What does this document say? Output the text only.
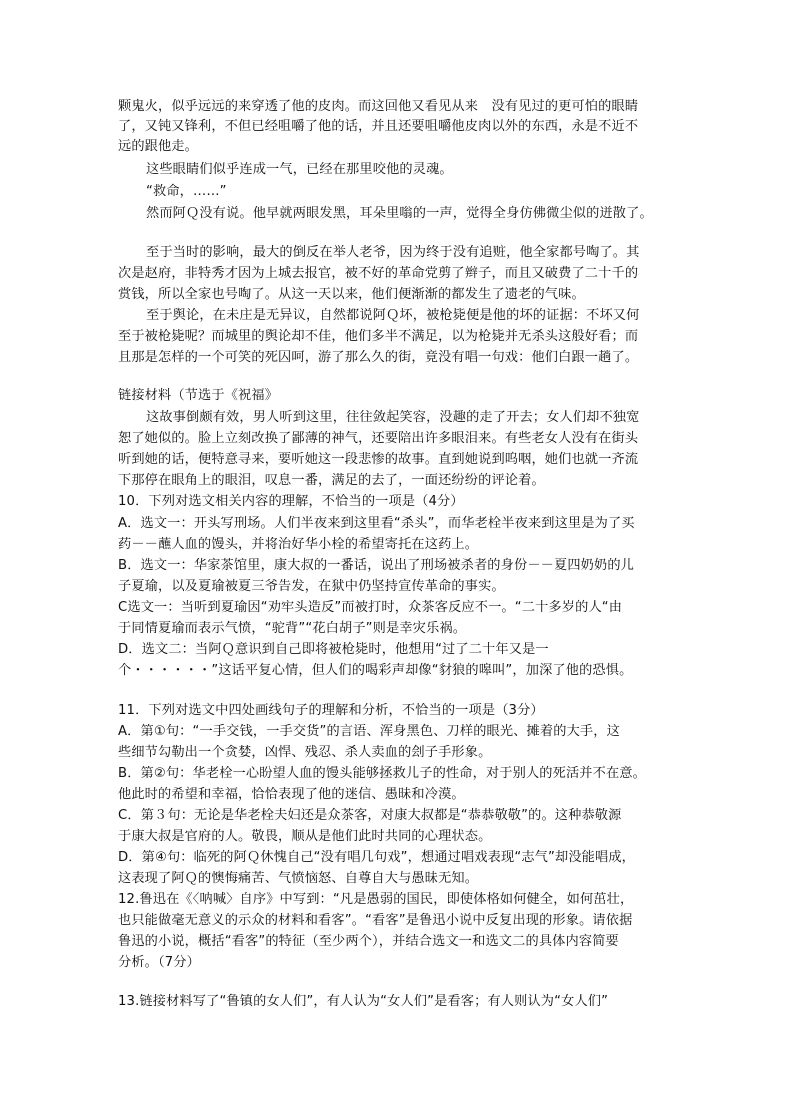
颗鬼火，似乎远远的来穿透了他的皮肉。而这回他又看见从来　没有见过的更可怕的眼睛
了，又钝又锋利，不但已经咀嚼了他的话，并且还要咀嚼他皮肉以外的东西，永是不近不
远的跟他走。
这些眼睛们似乎连成一气，已经在那里咬他的灵魂。
“救命，……”
然而阿Ｑ没有说。他早就两眼发黑，耳朵里嗡的一声，觉得全身仿佛微尘似的迸散了。
至于当时的影响，最大的倒反在举人老爷，因为终于没有追赃，他全家都号啕了。其
次是赵府，非特秀才因为上城去报官，被不好的革命党剪了辫子，而且又破费了二十千的
赏钱，所以全家也号啕了。从这一天以来，他们便渐渐的都发生了遗老的气味。
至于舆论，在未庄是无异议，自然都说阿Ｑ坏，被枪毙便是他的坏的证据：不坏又何
至于被枪毙呢？而城里的舆论却不佳，他们多半不满足，以为枪毙并无杀头这般好看；而
且那是怎样的一个可笑的死囚呵，游了那么久的街，竟没有唱一句戏：他们白跟一趟了。
链接材料（节选于《祝福》
这故事倒颇有效，男人听到这里，往往敛起笑容，没趣的走了开去；女人们却不独宽
恕了她似的。脸上立刻改换了鄙薄的神气，还要陪出许多眼泪来。有些老女人没有在街头
听到她的话，便特意寻来，要听她这一段悲惨的故事。直到她说到呜咽，她们也就一齐流
下那停在眼角上的眼泪，叹息一番，满足的去了，一面还纷纷的评论着。
10．下列对选文相关内容的理解，不恰当的一项是（4分）
A．选文一：开头写刑场。人们半夜来到这里看“杀头”，而华老栓半夜来到这里是为了买
药－－蘸人血的馒头，并将治好华小栓的希望寄托在这药上。
B．选文一：华家茶馆里，康大叔的一番话，说出了刑场被杀者的身份－－夏四奶奶的儿
子夏瑜，以及夏瑜被夏三爷告发，在狱中仍坚持宣传革命的事实。
C选文一：当听到夏瑜因“劝牢头造反”而被打时，众茶客反应不一。“二十多岁的人“由
于同情夏瑜而表示气愤，“驼背”“花白胡子”则是幸灾乐祸。
D．选文二：当阿Ｑ意识到自己即将被枪毙时，他想用“过了二十年又是一
个・・・・・・”这话平复心情，但人们的喝彩声却像“豺狼的嗥叫”，加深了他的恐惧。
11．下列对选文中四处画线句子的理解和分析，不恰当的一项是（3分）
A．第①句：“一手交钱，一手交货”的言语、浑身黑色、刀样的眼光、摊着的大手，这
些细节勾勒出一个贪婪，凶悍、残忍、杀人卖血的刽子手形象。
B．第②句：华老栓一心盼望人血的馒头能够拯救儿子的性命，对于别人的死活并不在意。
他此时的希望和幸福，恰恰表现了他的迷信、愚昧和冷漠。
C．第３句：无论是华老栓夫妇还是众茶客，对康大叔都是“恭恭敬敬”的。这种恭敬源
于康大叔是官府的人。敬畏，顺从是他们此时共同的心理状态。
D．第④句：临死的阿Ｑ休愧自己“没有唱几句戏”，想通过唱戏表现“志气”却没能唱成，
这表现了阿Ｑ的懊悔痛苦、气愤恼怒、自尊自大与愚昧无知。
12.鲁迅在《〈呐喊〉自序》中写到：“凡是愚弱的国民，即使体格如何健全，如何茁壮，
也只能做毫无意义的示众的材料和看客”。“看客”是鲁迅小说中反复出现的形象。请依据
鲁迅的小说，概括“看客”的特征（至少两个），并结合选文一和选文二的具体内容简要
分析。（7分）
13.链接材料写了“鲁镇的女人们”，有人认为“女人们”是看客；有人则认为“女人们”
